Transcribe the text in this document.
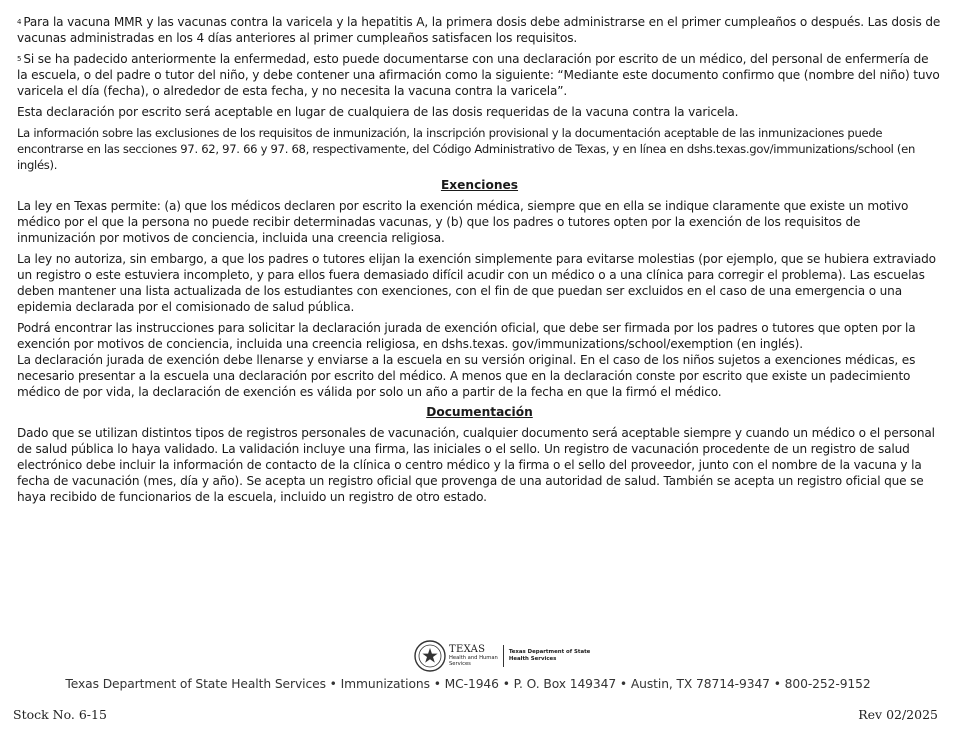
$^4$ Para la vacuna MMR y las vacunas contra la varicela y la hepatitis A, la primera dosis debe administrarse en el primer cumpleaños o después. Las dosis de vacunas administradas en los 4 días anteriores al primer cumpleaños satisfacen los requisitos.

$^5$ Si se ha padecido anteriormente la enfermedad, esto puede documentarse con una declaración por escrito de un médico, del personal de enfermería de la escuela, o del padre o tutor del niño, y debe contener una afirmación como la siguiente: “Mediante este documento confirmo que (nombre del niño) tuvo varicela el día (fecha), o alrededor de esta fecha, y no necesita la vacuna contra la varicela”.

Esta declaración por escrito será aceptable en lugar de cualquiera de las dosis requeridas de la vacuna contra la varicela.

La información sobre las exclusiones de los requisitos de inmunización, la inscripción provisional y la documentación aceptable de las inmunizaciones puede encontrarse en las secciones 97. 62, 97. 66 y 97. 68, respectivamente, del Código Administrativo de Texas, y en línea en dshs.texas.gov/immunizations/school (en inglés).

Exenciones

La ley en Texas permite: (a) que los médicos declaren por escrito la exención médica, siempre que en ella se indique claramente que existe un motivo médico por el que la persona no puede recibir determinadas vacunas, y (b) que los padres o tutores opten por la exención de los requisitos de inmunización por motivos de conciencia, incluida una creencia religiosa.

La ley no autoriza, sin embargo, a que los padres o tutores elijan la exención simplemente para evitarse molestias (por ejemplo, que se hubiera extraviado un registro o este estuviera incompleto, y para ellos fuera demasiado difícil acudir con un médico o a una clínica para corregir el problema). Las escuelas deben mantener una lista actualizada de los estudiantes con exenciones, con el fin de que puedan ser excluidos en el caso de una emergencia o una epidemia declarada por el comisionado de salud pública.

Podrá encontrar las instrucciones para solicitar la declaración jurada de exención oficial, que debe ser firmada por los padres o tutores que opten por la exención por motivos de conciencia, incluida una creencia religiosa, en dshs.texas. gov/immunizations/school/exemption (en inglés).

La declaración jurada de exención debe llenarse y enviarse a la escuela en su versión original. En el caso de los niños sujetos a exenciones médicas, es necesario presentar a la escuela una declaración por escrito del médico. A menos que en la declaración conste por escrito que existe un padecimiento médico de por vida, la declaración de exención es válida por solo un año a partir de la fecha en que la firmó el médico.

Documentación

Dado que se utilizan distintos tipos de registros personales de vacunación, cualquier documento será aceptable siempre y cuando un médico o el personal de salud pública lo haya validado. La validación incluye una firma, las iniciales o el sello. Un registro de vacunación procedente de un registro de salud electrónico debe incluir la información de contacto de la clínica o centro médico y la firma o el sello del proveedor, junto con el nombre de la vacuna y la fecha de vacunación (mes, día y año). Se acepta un registro oficial que provenga de una autoridad de salud. También se acepta un registro oficial que se haya recibido de funcionarios de la escuela, incluido un registro de otro estado.

TEXAS
Health and Human
Services
Texas Department of State
Health Services
Texas Department of State Health Services • Immunizations • MC-1946 • P. O. Box 149347 • Austin, TX 78714-9347 • 800-252-9152
Stock No. 6-15	Rev 02/2025
